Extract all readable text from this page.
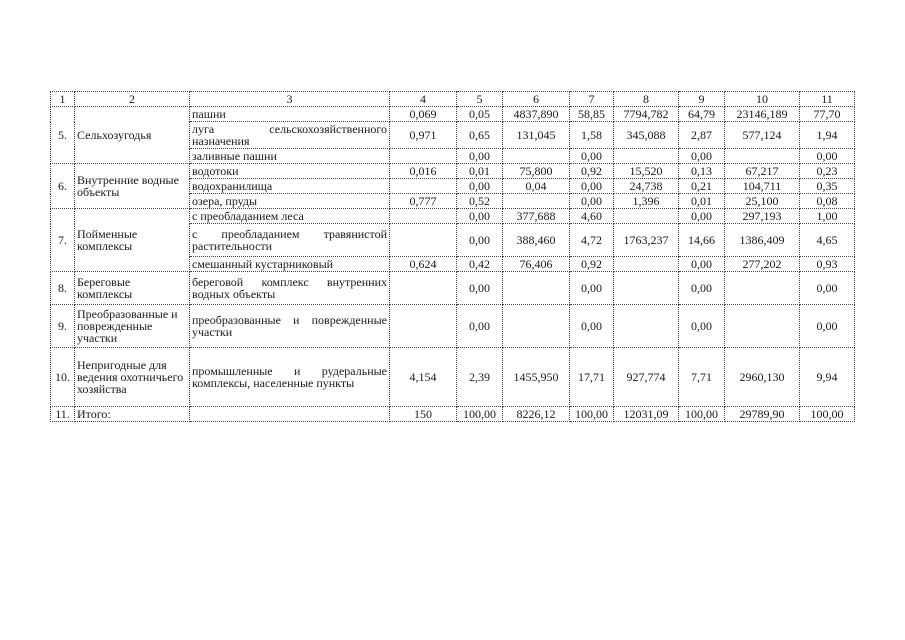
1	2	3	4	5	6	7	8	9	10	11
5.	Сельхозугодья	пашни	0,069	0,05	4837,890	58,85	7794,782	64,79	23146,189	77,70
		луга сельскохозяйственного назначения	0,971	0,65	131,045	1,58	345,088	2,87	577,124	1,94
		заливные пашни		0,00		0,00		0,00		0,00
6.	Внутренние водные объекты	водотоки	0,016	0,01	75,800	0,92	15,520	0,13	67,217	0,23
		водохранилища		0,00	0,04	0,00	24,738	0,21	104,711	0,35
		озера, пруды	0,777	0,52		0,00	1,396	0,01	25,100	0,08
7.	Пойменные комплексы	с преобладанием леса		0,00	377,688	4,60		0,00	297,193	1,00
		с преобладанием травянистой растительности		0,00	388,460	4,72	1763,237	14,66	1386,409	4,65
		смешанный кустарниковый	0,624	0,42	76,406	0,92		0,00	277,202	0,93
8.	Береговые комплексы	береговой комплекс внутренних водных объекты		0,00		0,00		0,00		0,00
9.	Преобразованные и поврежденные участки	преобразованные и поврежденные участки		0,00		0,00		0,00		0,00
10.	Непригодные для ведения охотничьего хозяйства	промышленные и рудеральные комплексы, населенные пункты	4,154	2,39	1455,950	17,71	927,774	7,71	2960,130	9,94
11.	Итого:		150	100,00	8226,12	100,00	12031,09	100,00	29789,90	100,00
